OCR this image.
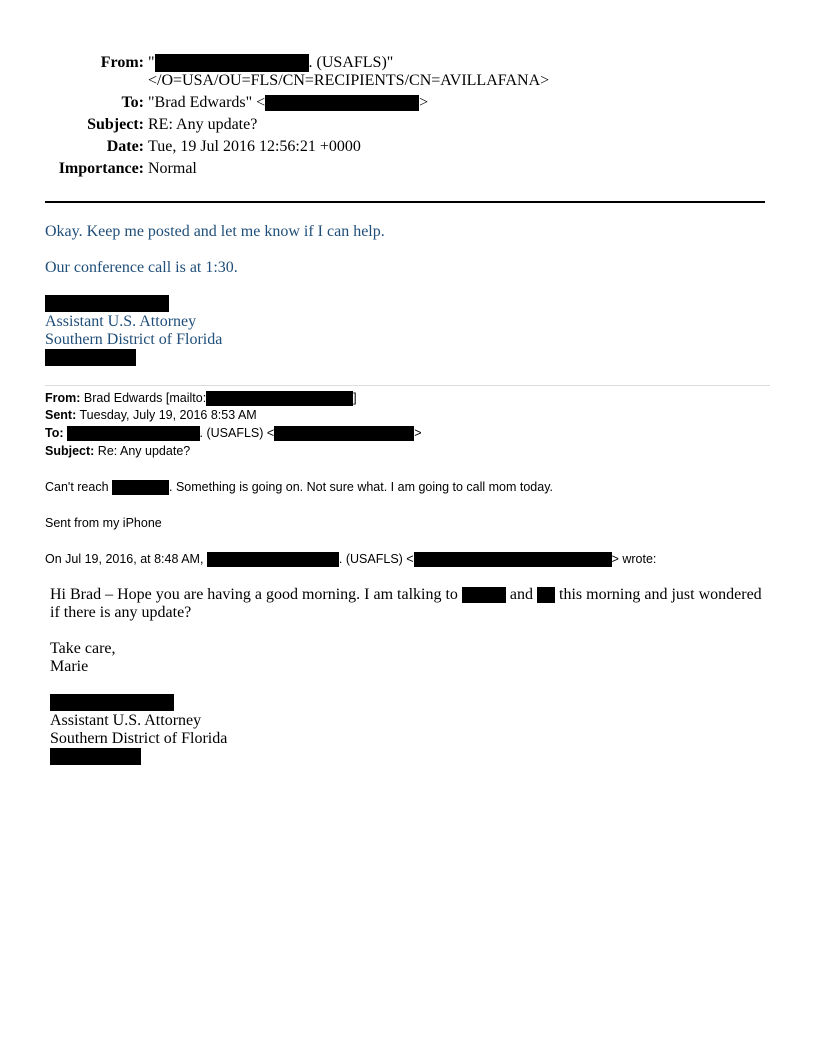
From: "	. (USAFLS)"
</O=USA/OU=FLS/CN=RECIPIENTS/CN=AVILLAFANA>
To: "Brad Edwards" <	>
Subject: RE: Any update?
Date: Tue, 19 Jul 2016 12:56:21 +0000
Importance: Normal
Okay. Keep me posted and let me know if I can help.
Our conference call is at 1:30.
Assistant U.S. Attorney
Southern District of Florida
From: Brad Edwards [mailto:	]
Sent: Tuesday, July 19, 2016 8:53 AM
To:	. (USAFLS) <	>
Subject: Re: Any update?
Can't reach	. Something is going on. Not sure what. I am going to call mom today.
Sent from my iPhone
On Jul 19, 2016, at 8:48 AM,	. (USAFLS) <	> wrote:
Hi Brad – Hope you are having a good morning. I am talking to	and  this morning and just wondered
if there is any update?
Take care,
Marie
Assistant U.S. Attorney
Southern District of Florida
